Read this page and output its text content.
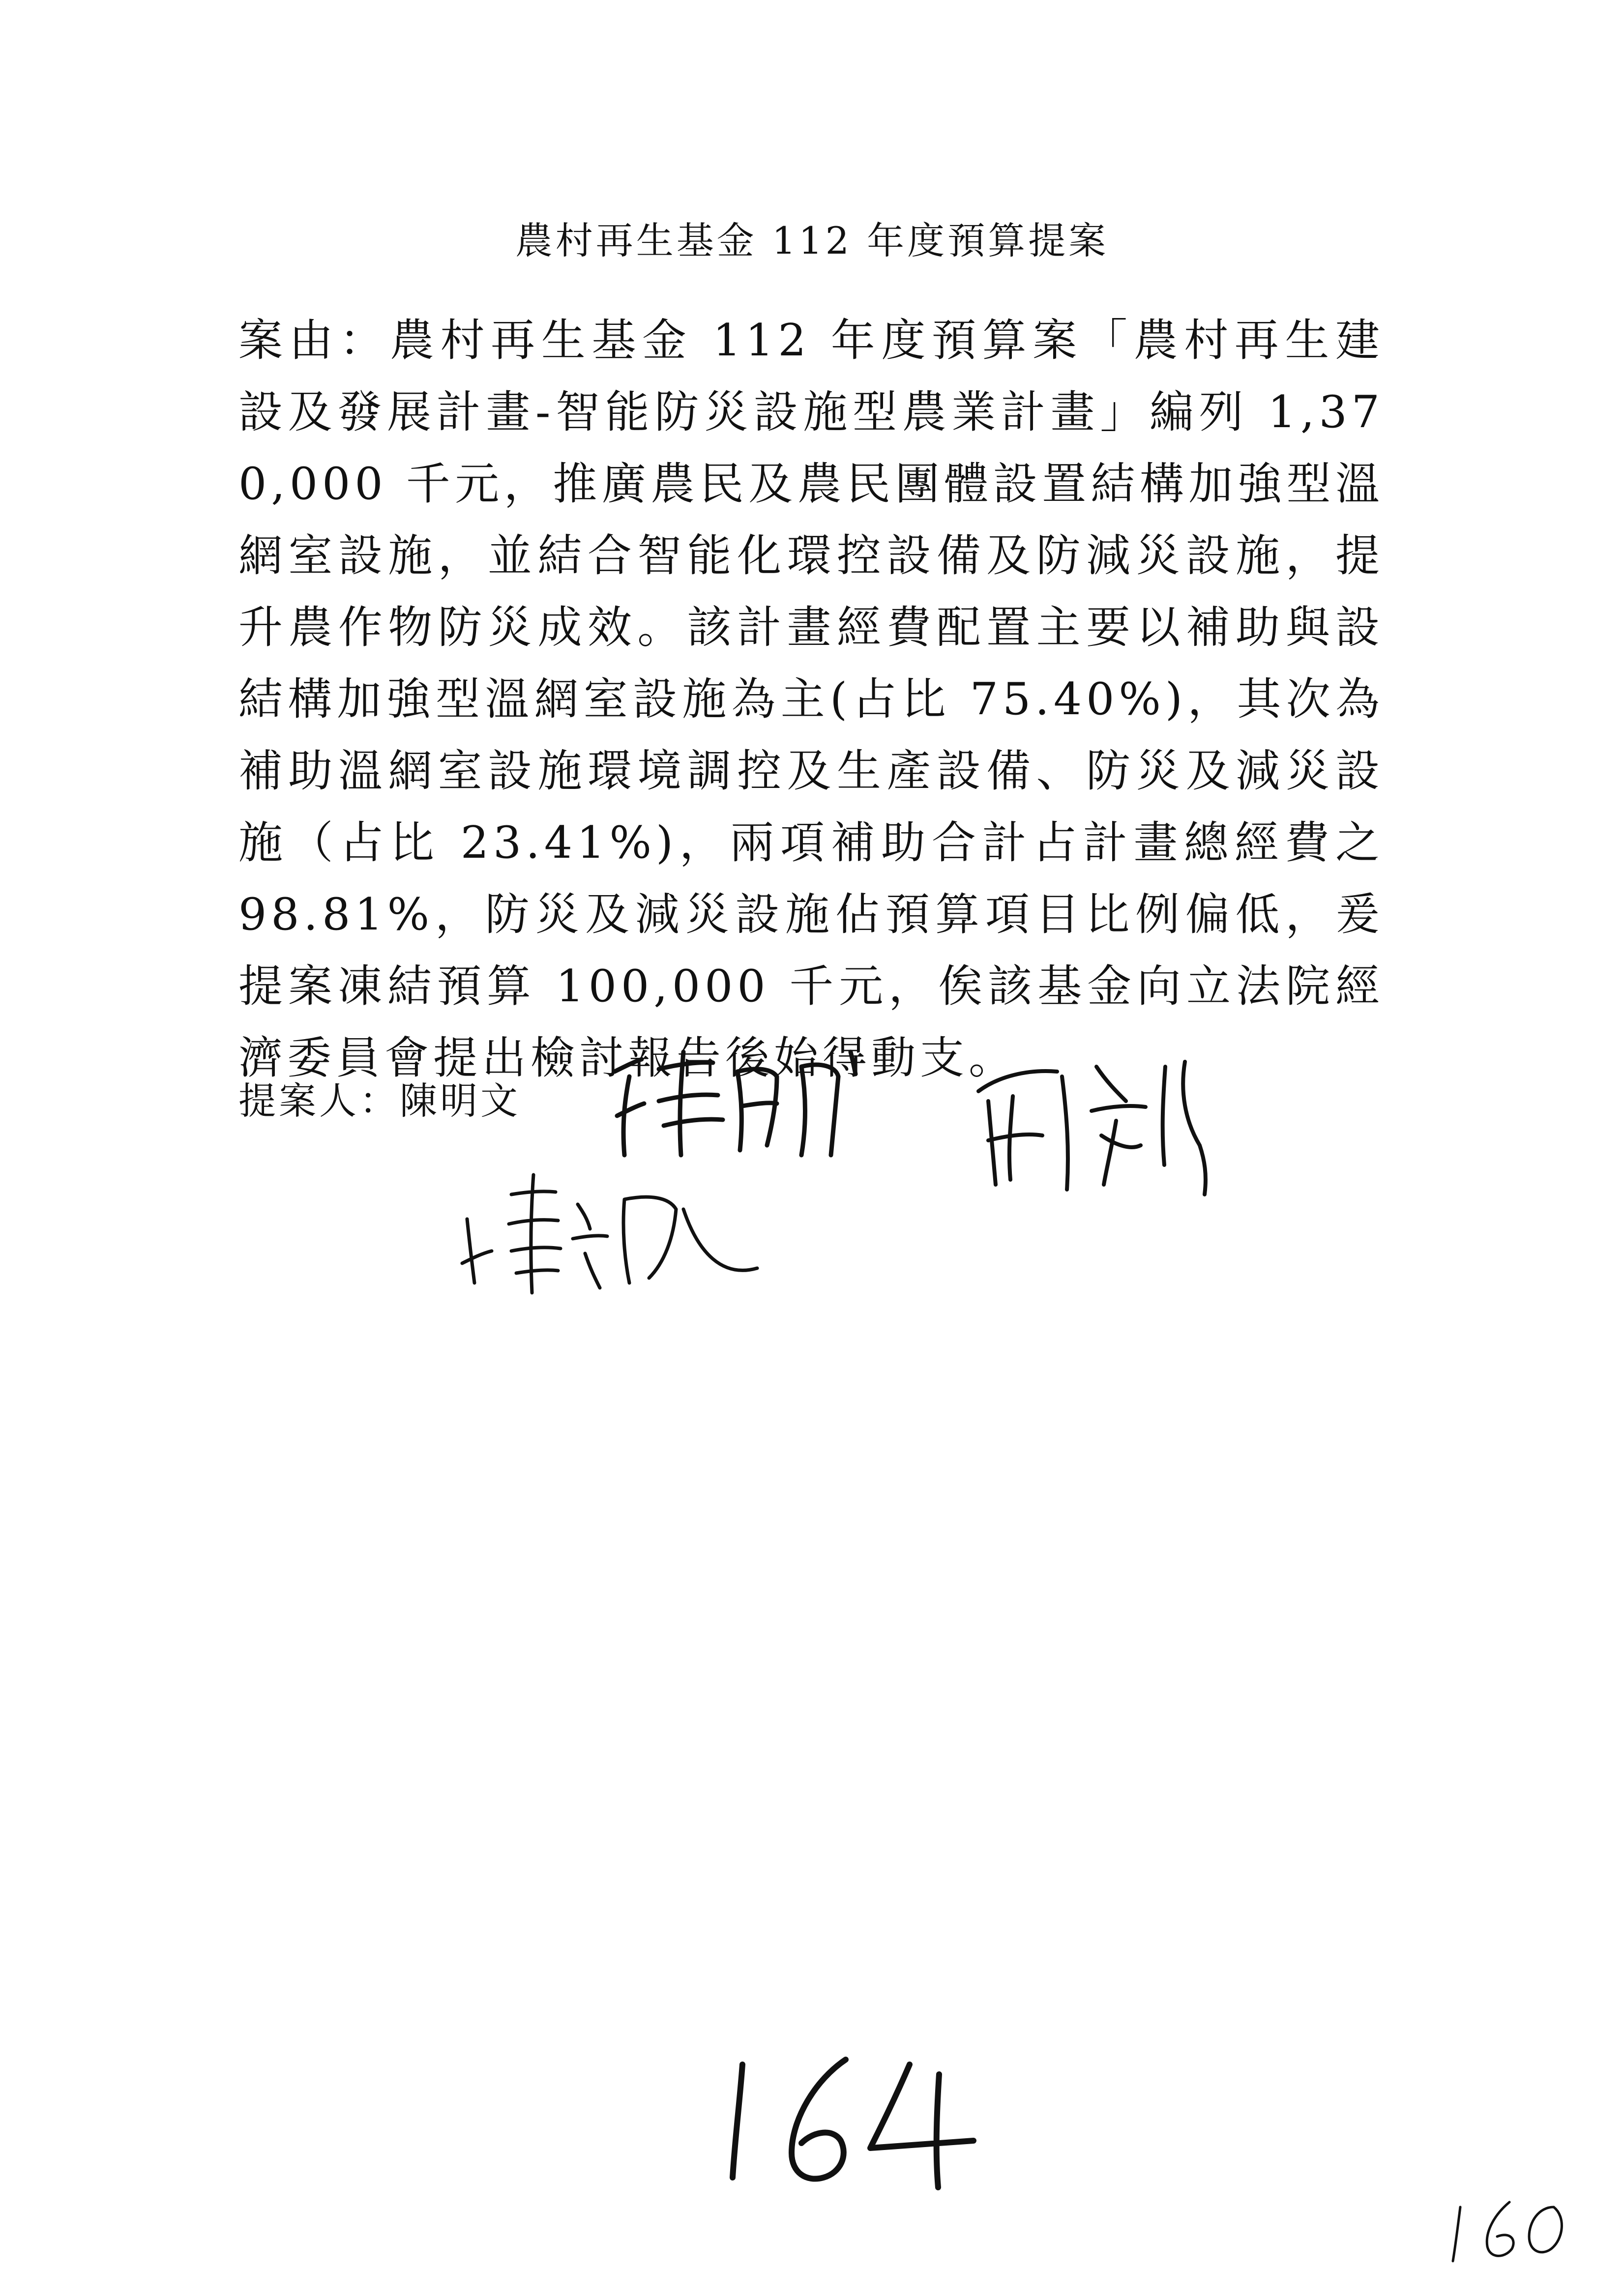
農村再生基金 112 年度預算提案
案由：農村再生基金 112 年度預算案「農村再生建設及發展計畫-智能防災設施型農業計畫」編列 1,370,000 千元，推廣農民及農民團體設置結構加強型溫網室設施，並結合智能化環控設備及防減災設施，提升農作物防災成效。該計畫經費配置主要以補助與設結構加強型溫網室設施為主(占比 75.40%)，其次為補助溫網室設施環境調控及生產設備、防災及減災設施（占比 23.41%)，兩項補助合計占計畫總經費之 98.81%，防災及減災設施佔預算項目比例偏低，爰提案凍結預算 100,000 千元，俟該基金向立法院經濟委員會提出檢討報告後始得動支。
提案人：陳明文
